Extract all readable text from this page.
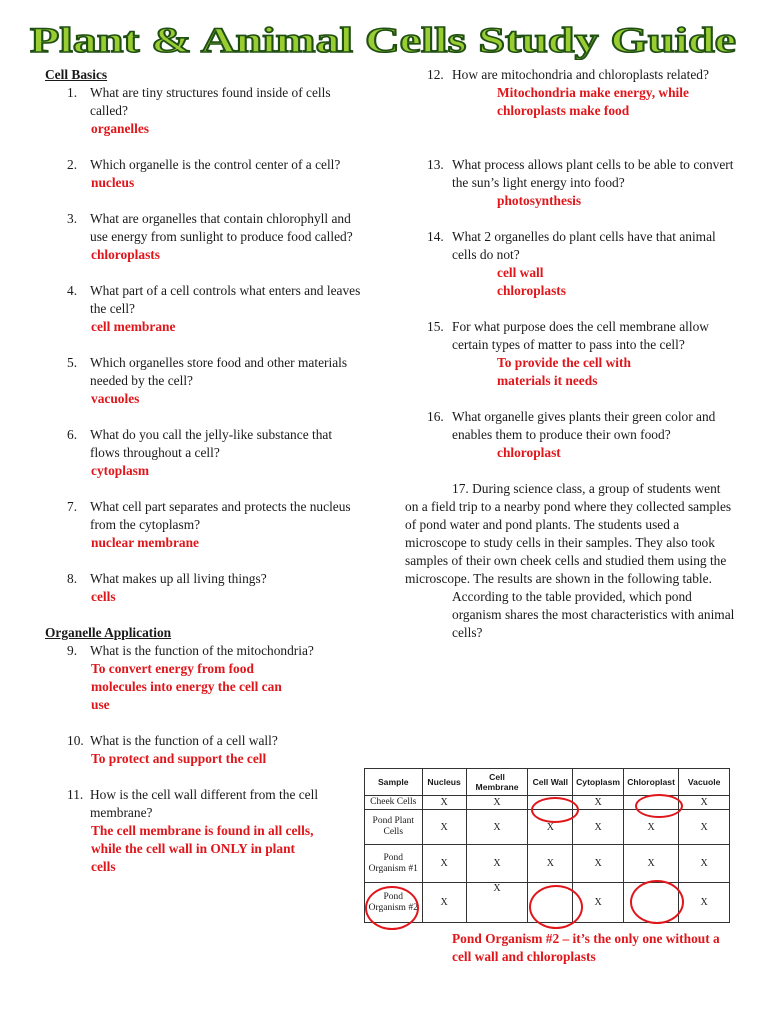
Plant & Animal Cells Study Guide

Cell Basics

1. What are tiny structures found inside of cells called?
organelles
2. Which organelle is the control center of a cell?
nucleus
3. What are organelles that contain chlorophyll and use energy from sunlight to produce food called?
chloroplasts
4. What part of a cell controls what enters and leaves the cell?
cell membrane
5. Which organelles store food and other materials needed by the cell?
vacuoles
6. What do you call the jelly-like substance that flows throughout a cell?
cytoplasm
7. What cell part separates and protects the nucleus from the cytoplasm?
nuclear membrane
8. What makes up all living things?
cells

Organelle Application

9. What is the function of the mitochondria?
To convert energy from food molecules into energy the cell can use
10. What is the function of a cell wall?
To protect and support the cell
11. How is the cell wall different from the cell membrane?
The cell membrane is found in all cells, while the cell wall in ONLY in plant cells
12. How are mitochondria and chloroplasts related?
Mitochondria make energy, while chloroplasts make food
13. What process allows plant cells to be able to convert the sun’s light energy into food?
photosynthesis
14. What 2 organelles do plant cells have that animal cells do not?
cell wall
chloroplasts
15. For what purpose does the cell membrane allow certain types of matter to pass into the cell?
To provide the cell with materials it needs
16. What organelle gives plants their green color and enables them to produce their own food?
chloroplast

17. During science class, a group of students went on a field trip to a nearby pond where they collected samples of pond water and pond plants. The students used a microscope to study cells in their samples. They also took samples of their own cheek cells and studied them using the microscope. The results are shown in the following table.

According to the table provided, which pond organism shares the most characteristics with animal cells?

Sample	Nucleus	Cell Membrane	Cell Wall	Cytoplasm	Chloroplast	Vacuole
Cheek Cells	X	X		X		X
Pond Plant Cells	X	X	X	X	X	X
Pond Organism #1	X	X	X	X	X	X
Pond Organism #2	X	X		X		X
Pond Organism #2 – it’s the only one without a cell wall and chloroplasts
